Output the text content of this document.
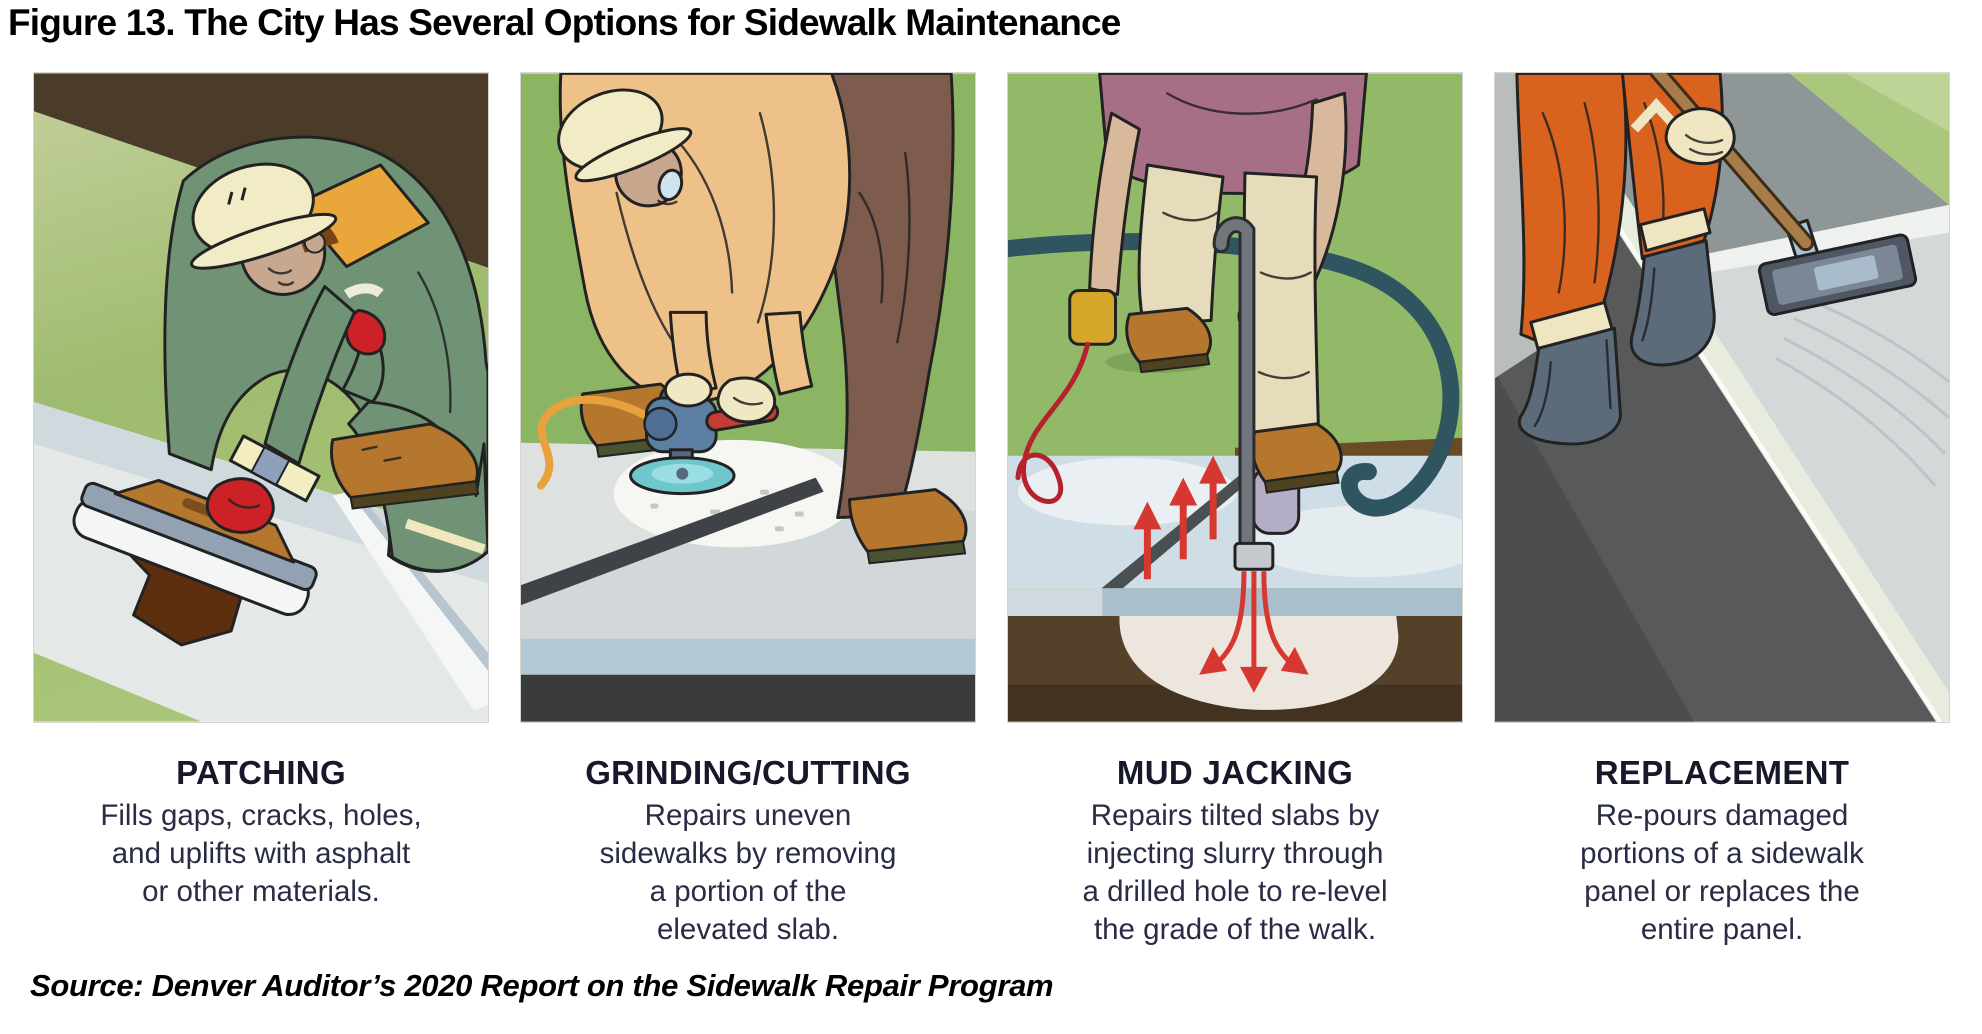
Figure 13. The City Has Several Options for Sidewalk Maintenance
PATCHING
Fills gaps, cracks, holes,
and uplifts with asphalt
or other materials.
GRINDING/CUTTING
Repairs uneven
sidewalks by removing
a portion of the
elevated slab.
MUD JACKING
Repairs tilted slabs by
injecting slurry through
a drilled hole to re-level
the grade of the walk.
REPLACEMENT
Re-pours damaged
portions of a sidewalk
panel or replaces the
entire panel.

Source: Denver Auditor’s 2020 Report on the Sidewalk Repair Program
